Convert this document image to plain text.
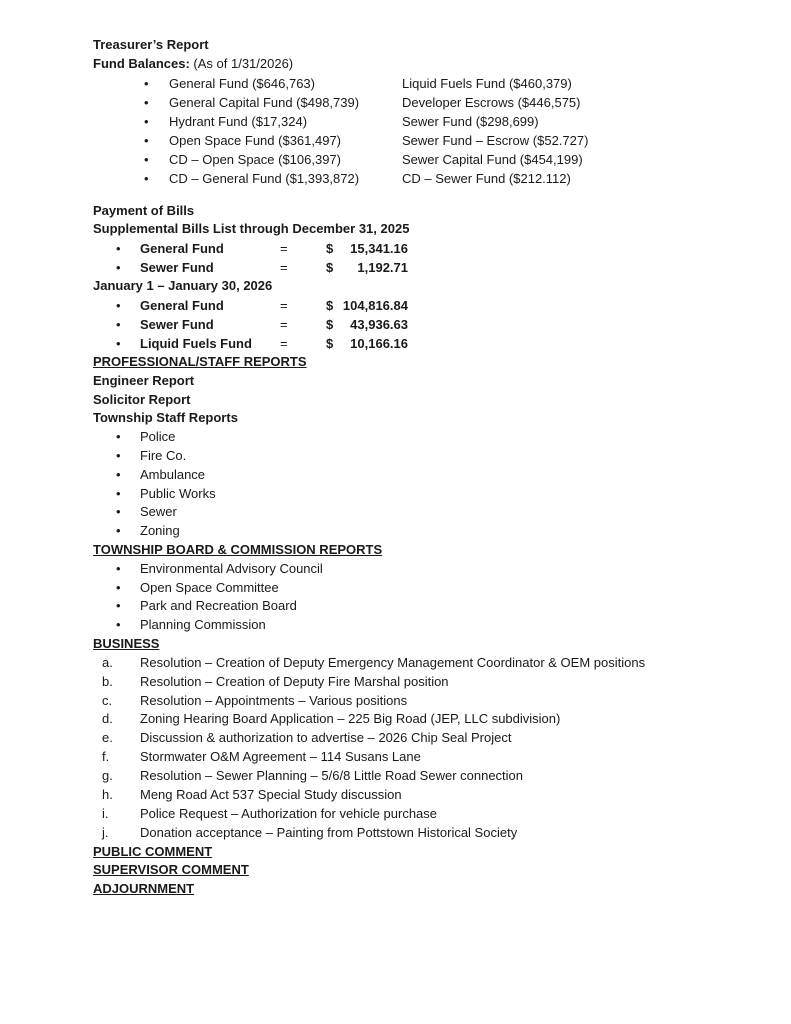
Treasurer’s Report
Fund Balances: (As of 1/31/2026)
• General Fund ($646,763)	Liquid Fuels Fund ($460,379)
• General Capital Fund ($498,739)	Developer Escrows ($446,575)
• Hydrant Fund ($17,324)	Sewer Fund ($298,699)
• Open Space Fund ($361,497)	Sewer Fund – Escrow ($52.727)
• CD – Open Space ($106,397)	Sewer Capital Fund ($454,199)
• CD – General Fund ($1,393,872)	CD – Sewer Fund ($212.112)
Payment of Bills
Supplemental Bills List through December 31, 2025
• General Fund	=	$	15,341.16
• Sewer Fund	=	$	1,192.71
January 1 – January 30, 2026
• General Fund	=	$ 104,816.84
• Sewer Fund	=	$	43,936.63
• Liquid Fuels Fund =	$	10,166.16
PROFESSIONAL/STAFF REPORTS
Engineer Report
Solicitor Report
Township Staff Reports
• Police
• Fire Co.
• Ambulance
• Public Works
• Sewer
• Zoning
TOWNSHIP BOARD & COMMISSION REPORTS
• Environmental Advisory Council
• Open Space Committee
• Park and Recreation Board
• Planning Commission
BUSINESS
a. Resolution – Creation of Deputy Emergency Management Coordinator & OEM positions
b. Resolution – Creation of Deputy Fire Marshal position
c. Resolution – Appointments – Various positions
d. Zoning Hearing Board Application – 225 Big Road (JEP, LLC subdivision)
e. Discussion & authorization to advertise – 2026 Chip Seal Project
f. Stormwater O&M Agreement – 114 Susans Lane
g. Resolution – Sewer Planning – 5/6/8 Little Road Sewer connection
h. Meng Road Act 537 Special Study discussion
i. Police Request – Authorization for vehicle purchase
j. Donation acceptance – Painting from Pottstown Historical Society
PUBLIC COMMENT
SUPERVISOR COMMENT
ADJOURNMENT
